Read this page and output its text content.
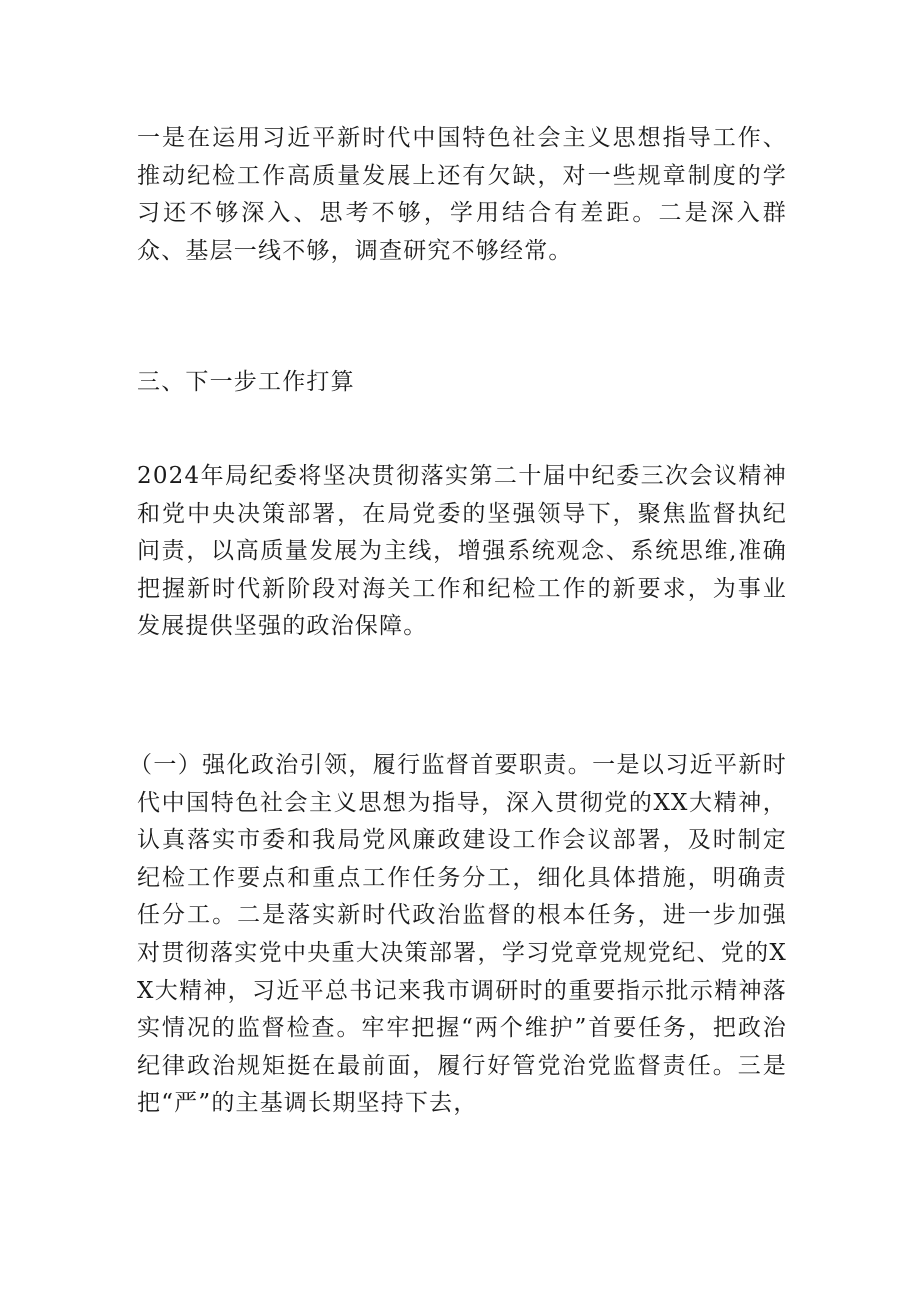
一是在运用习近平新时代中国特色社会主义思想指导工作、推动纪检工作高质量发展上还有欠缺，对一些规章制度的学习还不够深入、思考不够，学用结合有差距。二是深入群众、基层一线不够，调查研究不够经常。

三、下一步工作打算

2024年局纪委将坚决贯彻落实第二十届中纪委三次会议精神和党中央决策部署，在局党委的坚强领导下，聚焦监督执纪问责，以高质量发展为主线，增强系统观念、系统思维,准确把握新时代新阶段对海关工作和纪检工作的新要求，为事业发展提供坚强的政治保障。

（一）强化政治引领，履行监督首要职责。一是以习近平新时代中国特色社会主义思想为指导，深入贯彻党的XX大精神，认真落实市委和我局党风廉政建设工作会议部署，及时制定纪检工作要点和重点工作任务分工，细化具体措施，明确责任分工。二是落实新时代政治监督的根本任务，进一步加强对贯彻落实党中央重大决策部署，学习党章党规党纪、党的XX大精神，习近平总书记来我市调研时的重要指示批示精神落实情况的监督检查。牢牢把握“两个维护”首要任务，把政治纪律政治规矩挺在最前面，履行好管党治党监督责任。三是把“严”的主基调长期坚持下去，
